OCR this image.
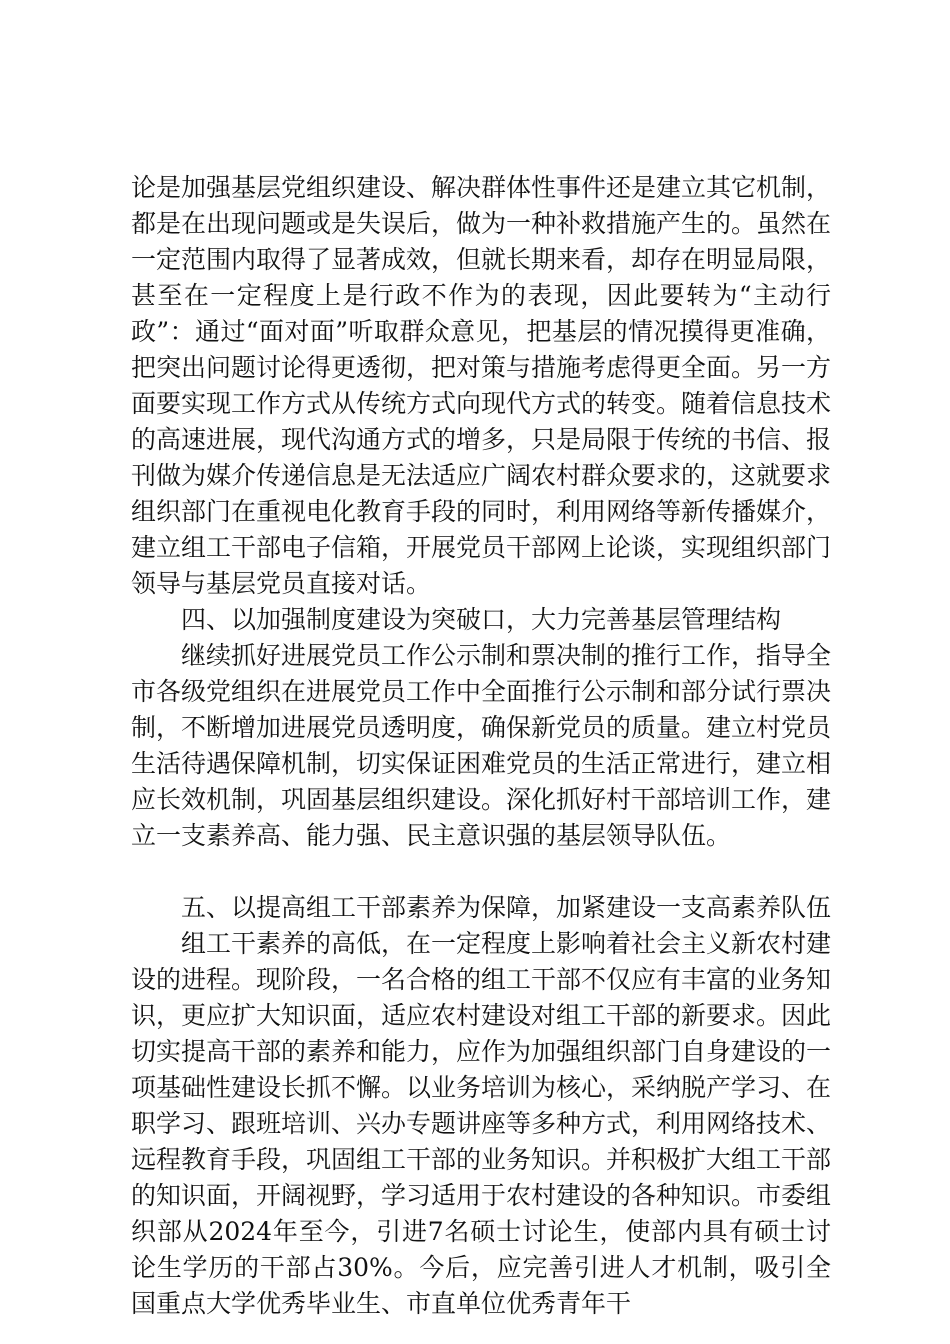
论是加强基层党组织建设、解决群体性事件还是建立其它机制，都是在出现问题或是失误后，做为一种补救措施产生的。虽然在一定范围内取得了显著成效，但就长期来看，却存在明显局限，甚至在一定程度上是行政不作为的表现，因此要转为“主动行政”：通过“面对面”听取群众意见，把基层的情况摸得更准确，把突出问题讨论得更透彻，把对策与措施考虑得更全面。另一方面要实现工作方式从传统方式向现代方式的转变。随着信息技术的高速进展，现代沟通方式的增多，只是局限于传统的书信、报刊做为媒介传递信息是无法适应广阔农村群众要求的，这就要求组织部门在重视电化教育手段的同时，利用网络等新传播媒介，建立组工干部电子信箱，开展党员干部网上论谈，实现组织部门领导与基层党员直接对话。

四、以加强制度建设为突破口，大力完善基层管理结构

继续抓好进展党员工作公示制和票决制的推行工作，指导全市各级党组织在进展党员工作中全面推行公示制和部分试行票决制，不断增加进展党员透明度，确保新党员的质量。建立村党员生活待遇保障机制，切实保证困难党员的生活正常进行，建立相应长效机制，巩固基层组织建设。深化抓好村干部培训工作，建立一支素养高、能力强、民主意识强的基层领导队伍。

五、以提高组工干部素养为保障，加紧建设一支高素养队伍

组工干素养的高低，在一定程度上影响着社会主义新农村建设的进程。现阶段，一名合格的组工干部不仅应有丰富的业务知识，更应扩大知识面，适应农村建设对组工干部的新要求。因此切实提高干部的素养和能力，应作为加强组织部门自身建设的一项基础性建设长抓不懈。以业务培训为核心，采纳脱产学习、在职学习、跟班培训、兴办专题讲座等多种方式，利用网络技术、远程教育手段，巩固组工干部的业务知识。并积极扩大组工干部的知识面，开阔视野，学习适用于农村建设的各种知识。市委组织部从2024年至今，引进7名硕士讨论生，使部内具有硕士讨论生学历的干部占30%。今后，应完善引进人才机制，吸引全国重点大学优秀毕业生、市直单位优秀青年干
